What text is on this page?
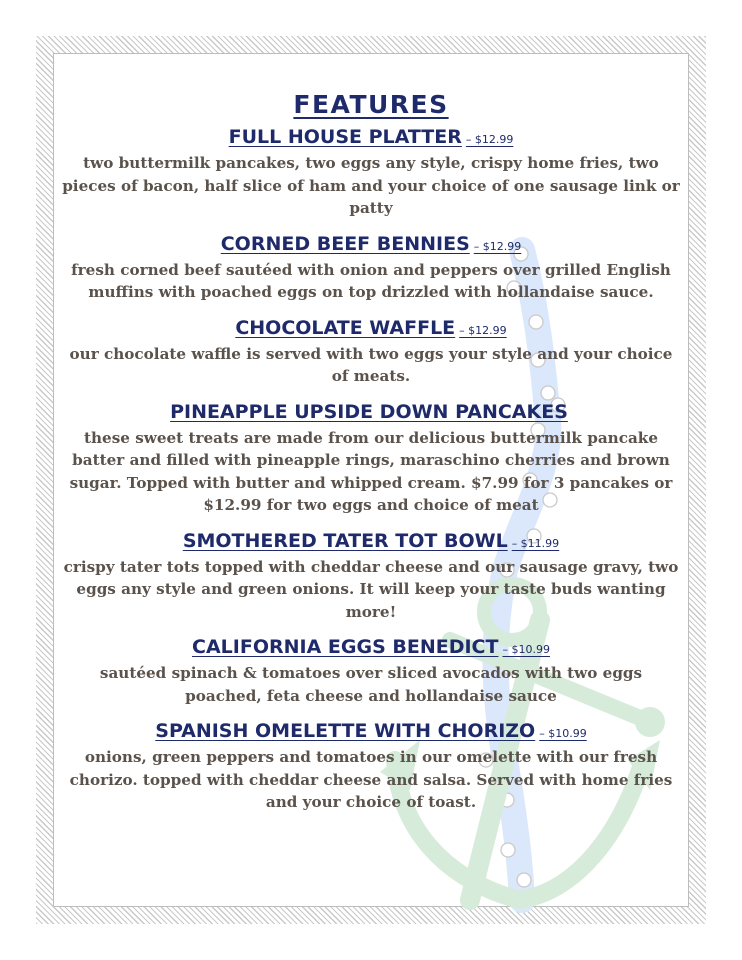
FEATURES
FULL HOUSE PLATTER – $12.99
two buttermilk pancakes, two eggs any style, crispy home fries, two pieces of bacon, half slice of ham and your choice of one sausage link or patty
CORNED BEEF BENNIES – $12.99
fresh corned beef sautéed with onion and peppers over grilled English muffins with poached eggs on top drizzled with hollandaise sauce.
CHOCOLATE WAFFLE – $12.99
our chocolate waffle is served with two eggs your style and your choice of meats.
PINEAPPLE UPSIDE DOWN PANCAKES
these sweet treats are made from our delicious buttermilk pancake batter and filled with pineapple rings, maraschino cherries and brown sugar. Topped with butter and whipped cream. $7.99 for 3 pancakes or $12.99 for two eggs and choice of meat
SMOTHERED TATER TOT BOWL – $11.99
crispy tater tots topped with cheddar cheese and our sausage gravy, two eggs any style and green onions. It will keep your taste buds wanting more!
CALIFORNIA EGGS BENEDICT – $10.99
sautéed spinach & tomatoes over sliced avocados with two eggs poached, feta cheese and hollandaise sauce
SPANISH OMELETTE WITH CHORIZO – $10.99
onions, green peppers and tomatoes in our omelette with our fresh chorizo. topped with cheddar cheese and salsa. Served with home fries and your choice of toast.
